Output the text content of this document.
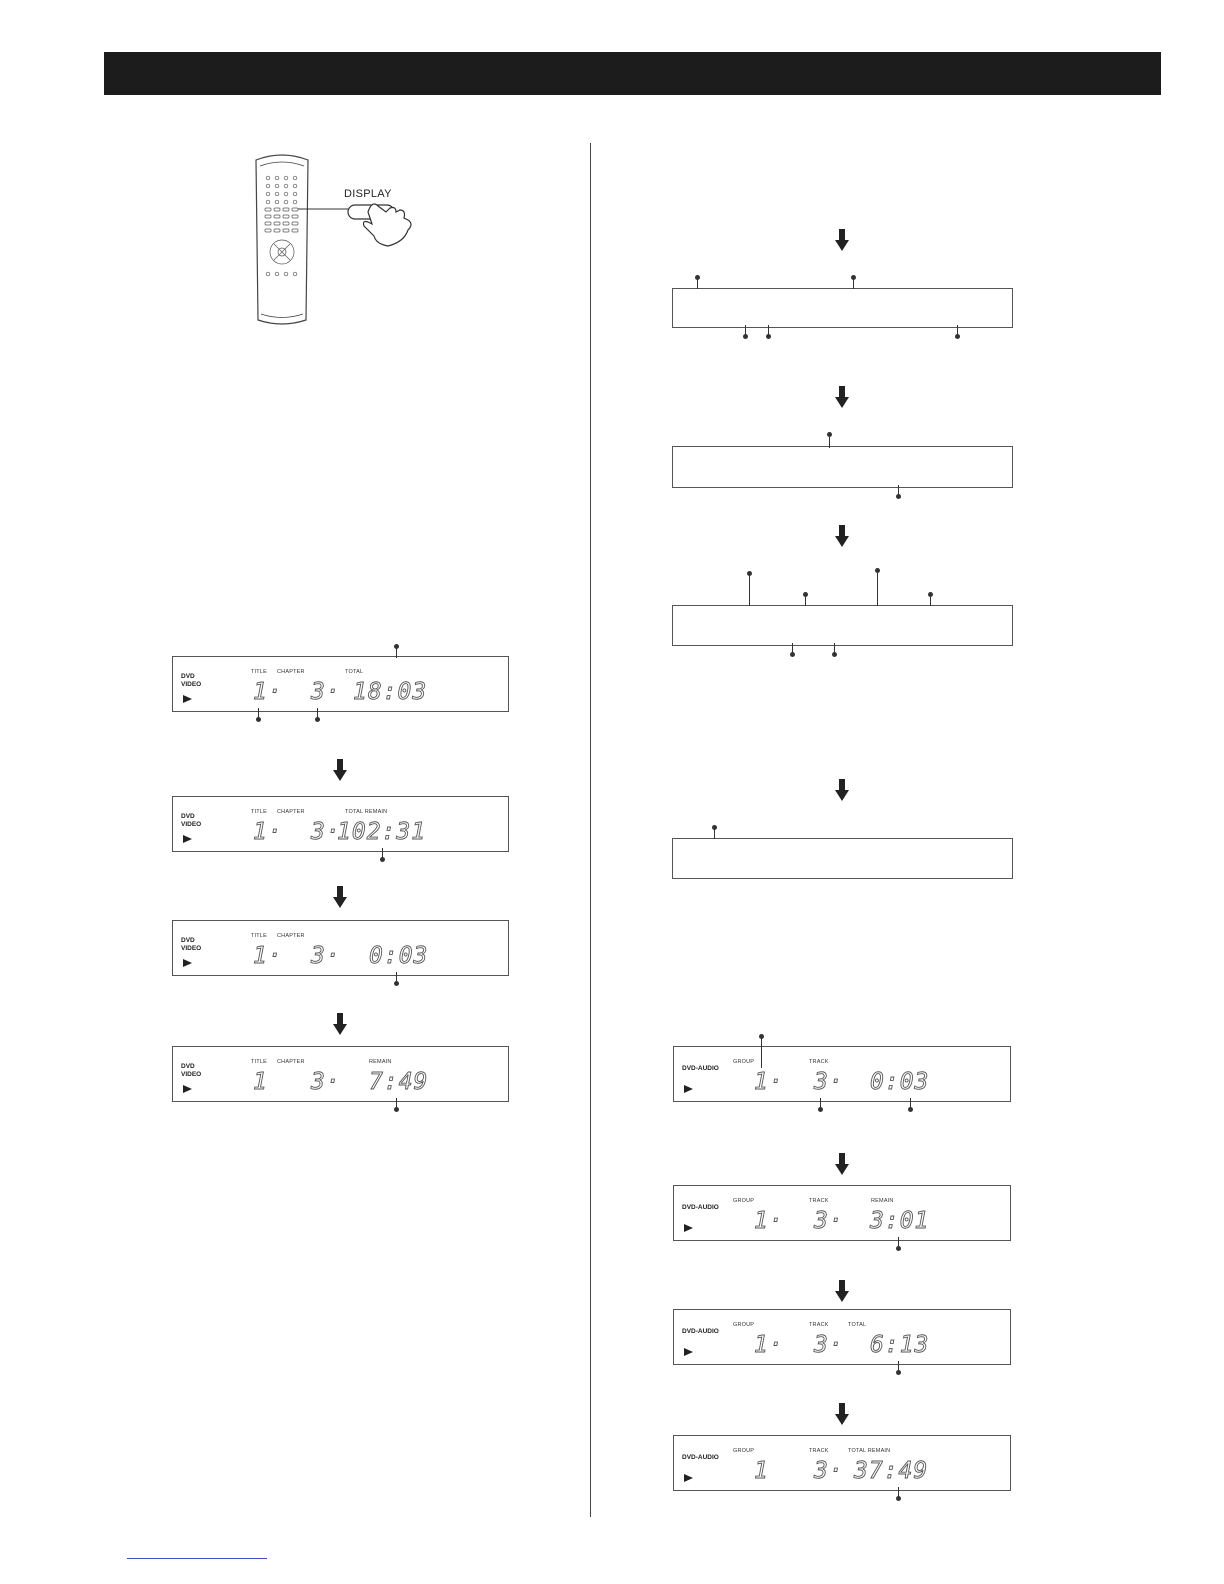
DISPLAY
DVD
VIDEO
TITLE CHAPTER	TOTAL
1· 3· 18:03
DVD
VIDEO
TITLE CHAPTER	TOTAL REMAIN
1· 3·
102:31
DVD
VIDEO
TITLE CHAPTER
1· 3· 0:03
DVD
VIDEO
TITLE CHAPTER	REMAIN
1 3· 7:49
DVD-AUDIO
GROUP	TRACK
1· 3· 0:03
DVD-AUDIO
GROUP	TRACK	REMAIN
1· 3· 3:01
DVD-AUDIO
GROUP	TRACK	TOTAL
1· 3· 6:13
DVD-AUDIO
GROUP	TRACK	TOTAL REMAIN
1 3· 37:49
